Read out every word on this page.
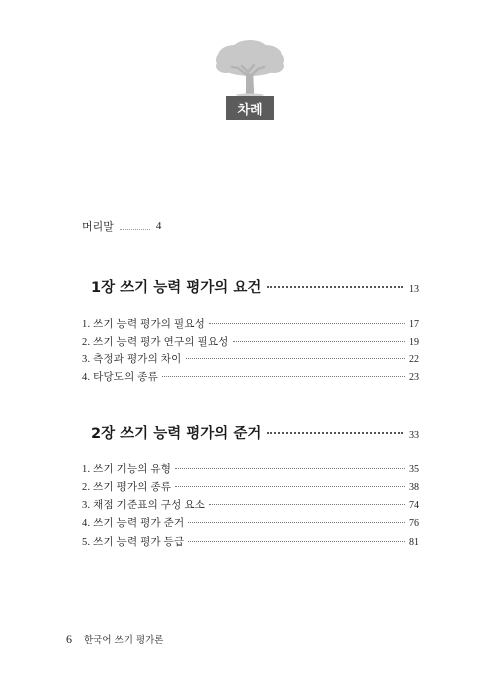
차례
머리말	4
1장 쓰기 능력 평가의 요건	13
1. 쓰기 능력 평가의 필요성	17
2. 쓰기 능력 평가 연구의 필요성	19
3. 측정과 평가의 차이	22
4. 타당도의 종류	23
2장 쓰기 능력 평가의 준거	33
1. 쓰기 기능의 유형	35
2. 쓰기 평가의 종류	38
3. 채점 기준표의 구성 요소	74
4. 쓰기 능력 평가 준거	76
5. 쓰기 능력 평가 등급	81
6 한국어 쓰기 평가론
